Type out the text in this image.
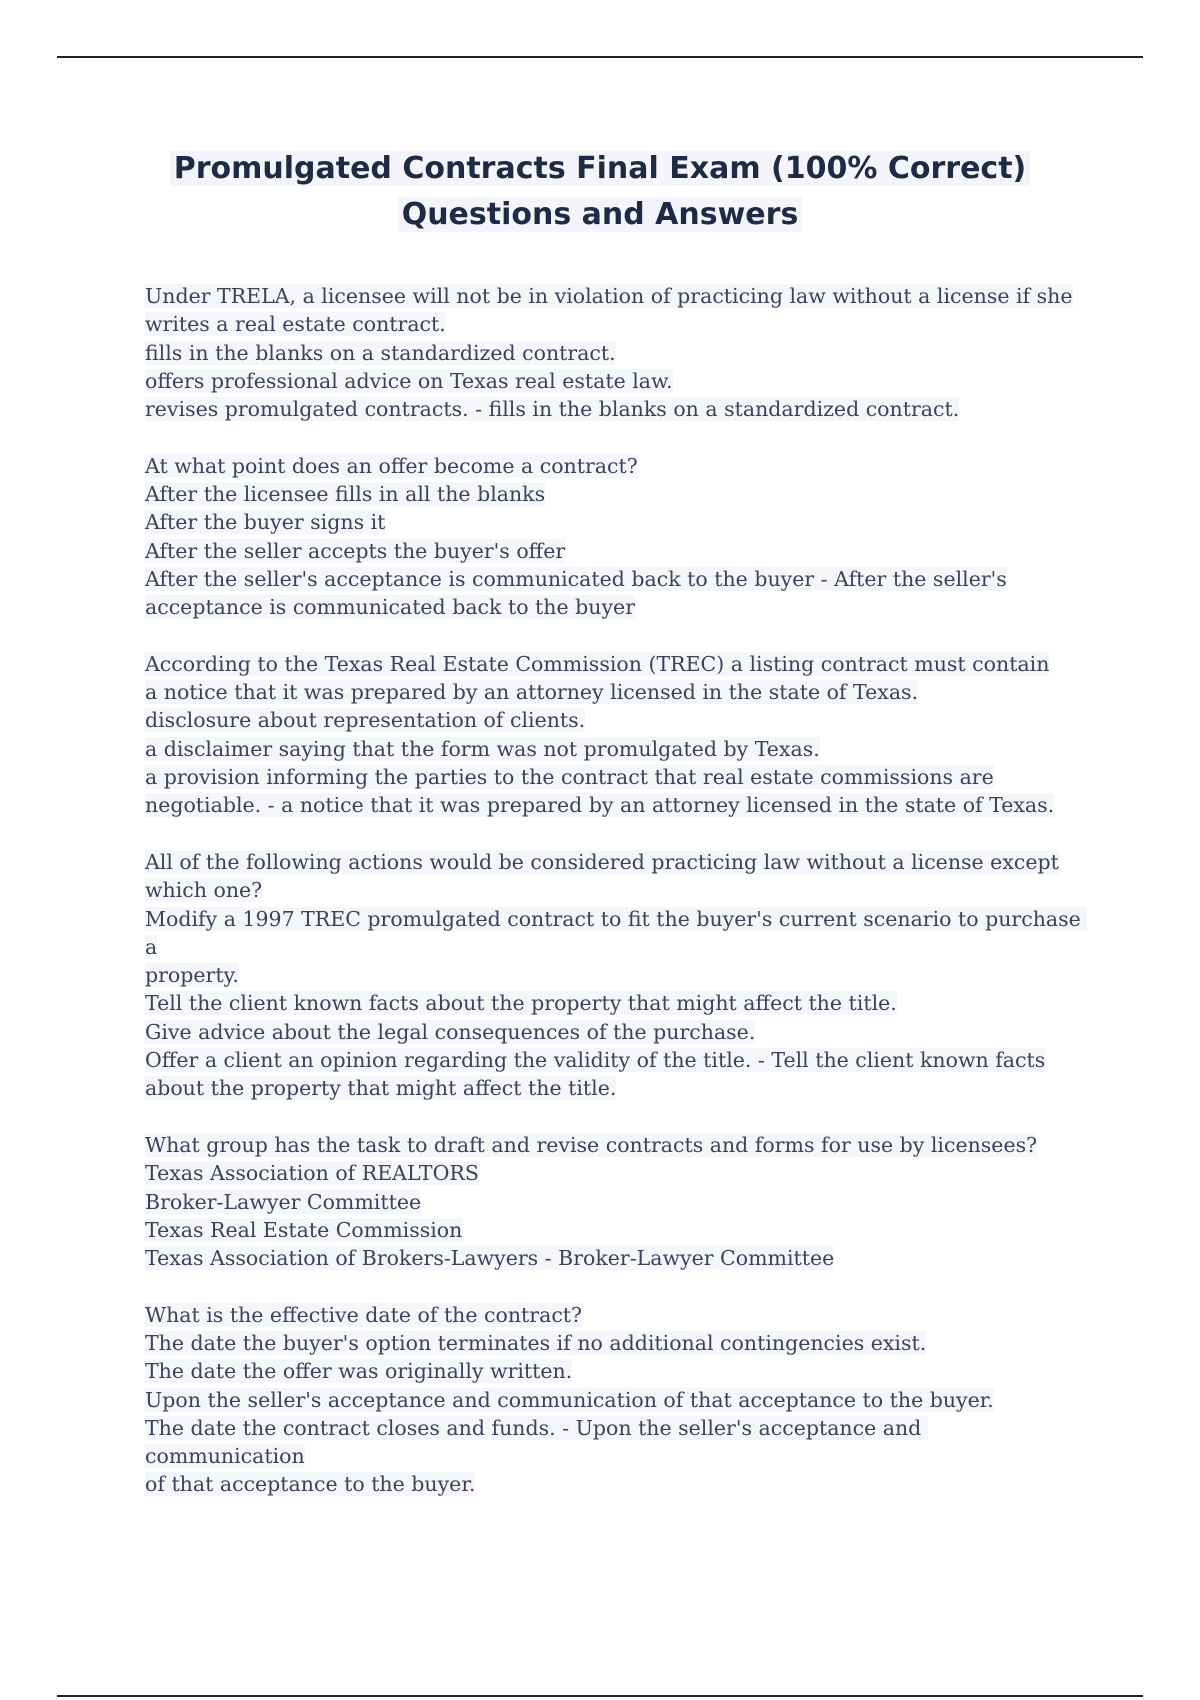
Promulgated Contracts Final Exam (100% Correct)
Questions and Answers
Under TRELA, a licensee will not be in violation of practicing law without a license if she
writes a real estate contract.
fills in the blanks on a standardized contract.
offers professional advice on Texas real estate law.
revises promulgated contracts. - fills in the blanks on a standardized contract.
At what point does an offer become a contract?
After the licensee fills in all the blanks
After the buyer signs it
After the seller accepts the buyer's offer
After the seller's acceptance is communicated back to the buyer - After the seller's
acceptance is communicated back to the buyer
According to the Texas Real Estate Commission (TREC) a listing contract must contain
a notice that it was prepared by an attorney licensed in the state of Texas.
disclosure about representation of clients.
a disclaimer saying that the form was not promulgated by Texas.
a provision informing the parties to the contract that real estate commissions are
negotiable. - a notice that it was prepared by an attorney licensed in the state of Texas.
All of the following actions would be considered practicing law without a license except
which one?
Modify a 1997 TREC promulgated contract to fit the buyer's current scenario to purchase a
property.
Tell the client known facts about the property that might affect the title.
Give advice about the legal consequences of the purchase.
Offer a client an opinion regarding the validity of the title. - Tell the client known facts
about the property that might affect the title.
What group has the task to draft and revise contracts and forms for use by licensees?
Texas Association of REALTORS
Broker-Lawyer Committee
Texas Real Estate Commission
Texas Association of Brokers-Lawyers - Broker-Lawyer Committee
What is the effective date of the contract?
The date the buyer's option terminates if no additional contingencies exist.
The date the offer was originally written.
Upon the seller's acceptance and communication of that acceptance to the buyer.
The date the contract closes and funds. - Upon the seller's acceptance and communication
of that acceptance to the buyer.
